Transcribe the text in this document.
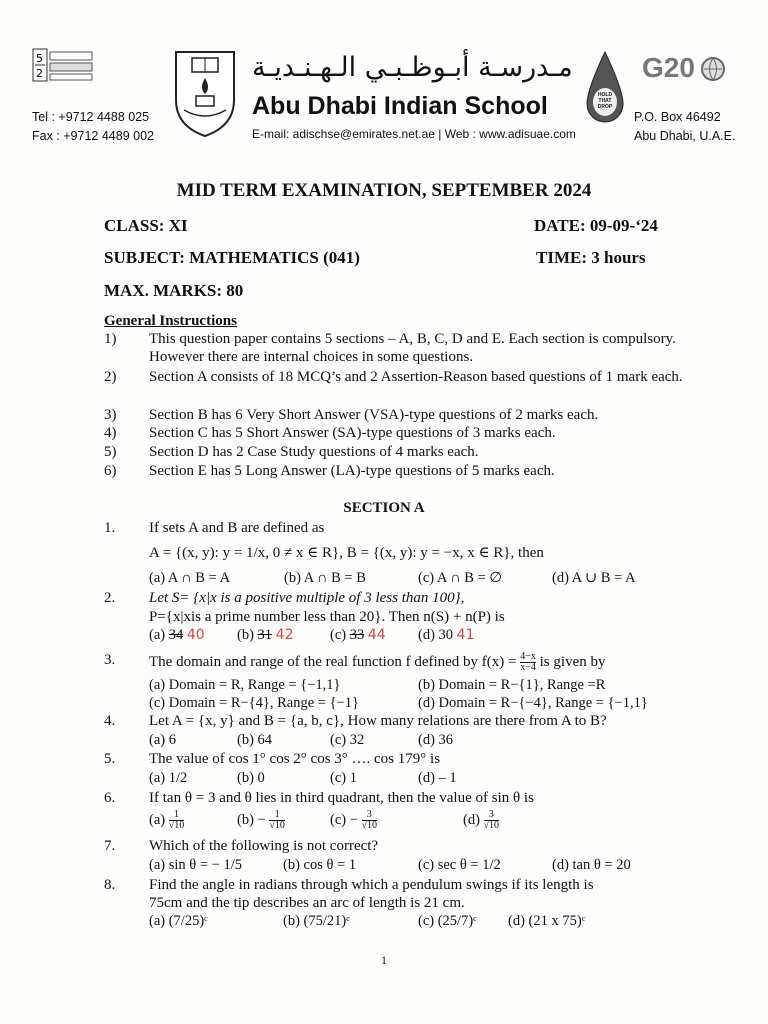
5
2
Tel : +9712 4488 025
Fax : +9712 4489 002
مـدرسـة أبـوظـبـي الـهـنـديـة
Abu Dhabi Indian School
E-mail: adischse@emirates.net.ae | Web : www.adisuae.com
HOLD THAT DROP
G20
P.O. Box 46492
Abu Dhabi, U.A.E.
MID TERM EXAMINATION, SEPTEMBER 2024
CLASS: XI	DATE: 09-09-‘24
SUBJECT: MATHEMATICS (041)	TIME: 3 hours
MAX. MARKS: 80
General Instructions
1) This question paper contains 5 sections – A, B, C, D and E. Each section is compulsory. However there are internal choices in some questions.
2) Section A consists of 18 MCQ’s and 2 Assertion-Reason based questions of 1 mark each.
3) Section B has 6 Very Short Answer (VSA)-type questions of 2 marks each.
4) Section C has 5 Short Answer (SA)-type questions of 3 marks each.
5) Section D has 2 Case Study questions of 4 marks each.
6) Section E has 5 Long Answer (LA)-type questions of 5 marks each.
SECTION A
1. If sets A and B are defined as
A = {(x, y): y = 1/x, 0 ≠ x ∈ R}, B = {(x, y): y = −x, x ∈ R}, then
(a) A ∩ B = A	(b) A ∩ B = B	(c) A ∩ B = ∅	(d) A ∪ B = A
2. Let S= {x|x is a positive multiple of 3 less than 100},
P={x|xis a prime number less than 20}. Then n(S) + n(P) is
(a) 34 40 (b) 31 42	(c) 33 44 (d) 30 41
3. The domain and range of the real function f defined by $f(x) = \frac{4-x}{x-4}$ is given by
(a) Domain = R, Range = {−1,1}	(b) Domain = R−{1}, Range =R
(c) Domain = R−{4}, Range = {−1}	(d) Domain = R−{−4}, Range = {−1,1}
4. Let A = {x, y} and B = {a, b, c}, How many relations are there from A to B?
(a) 6	(b) 64	(c) 32	(d) 36
5. The value of cos 1° cos 2° cos 3° …. cos 179° is
(a) 1/2	(b) 0	(c) 1	(d) – 1
6. If tan θ = 3 and θ lies in third quadrant, then the value of sin θ is
$(a) \frac{1}{√10}$	$(b) - \frac{1}{√10}$	$(c) - \frac{3}{√10}$	$(d) \frac{3}{√10}$
7. Which of the following is not correct?
(a) sin θ = − 1/5	(b) cos θ = 1	(c) sec θ = 1/2	(d) tan θ = 20
8. Find the angle in radians through which a pendulum swings if its length is
75cm and the tip describes an arc of length is 21 cm.
(a) (7/25)ᶜ	(b) (75/21)ᶜ	(c) (25/7)ᶜ (d) (21 x 75)ᶜ
1
